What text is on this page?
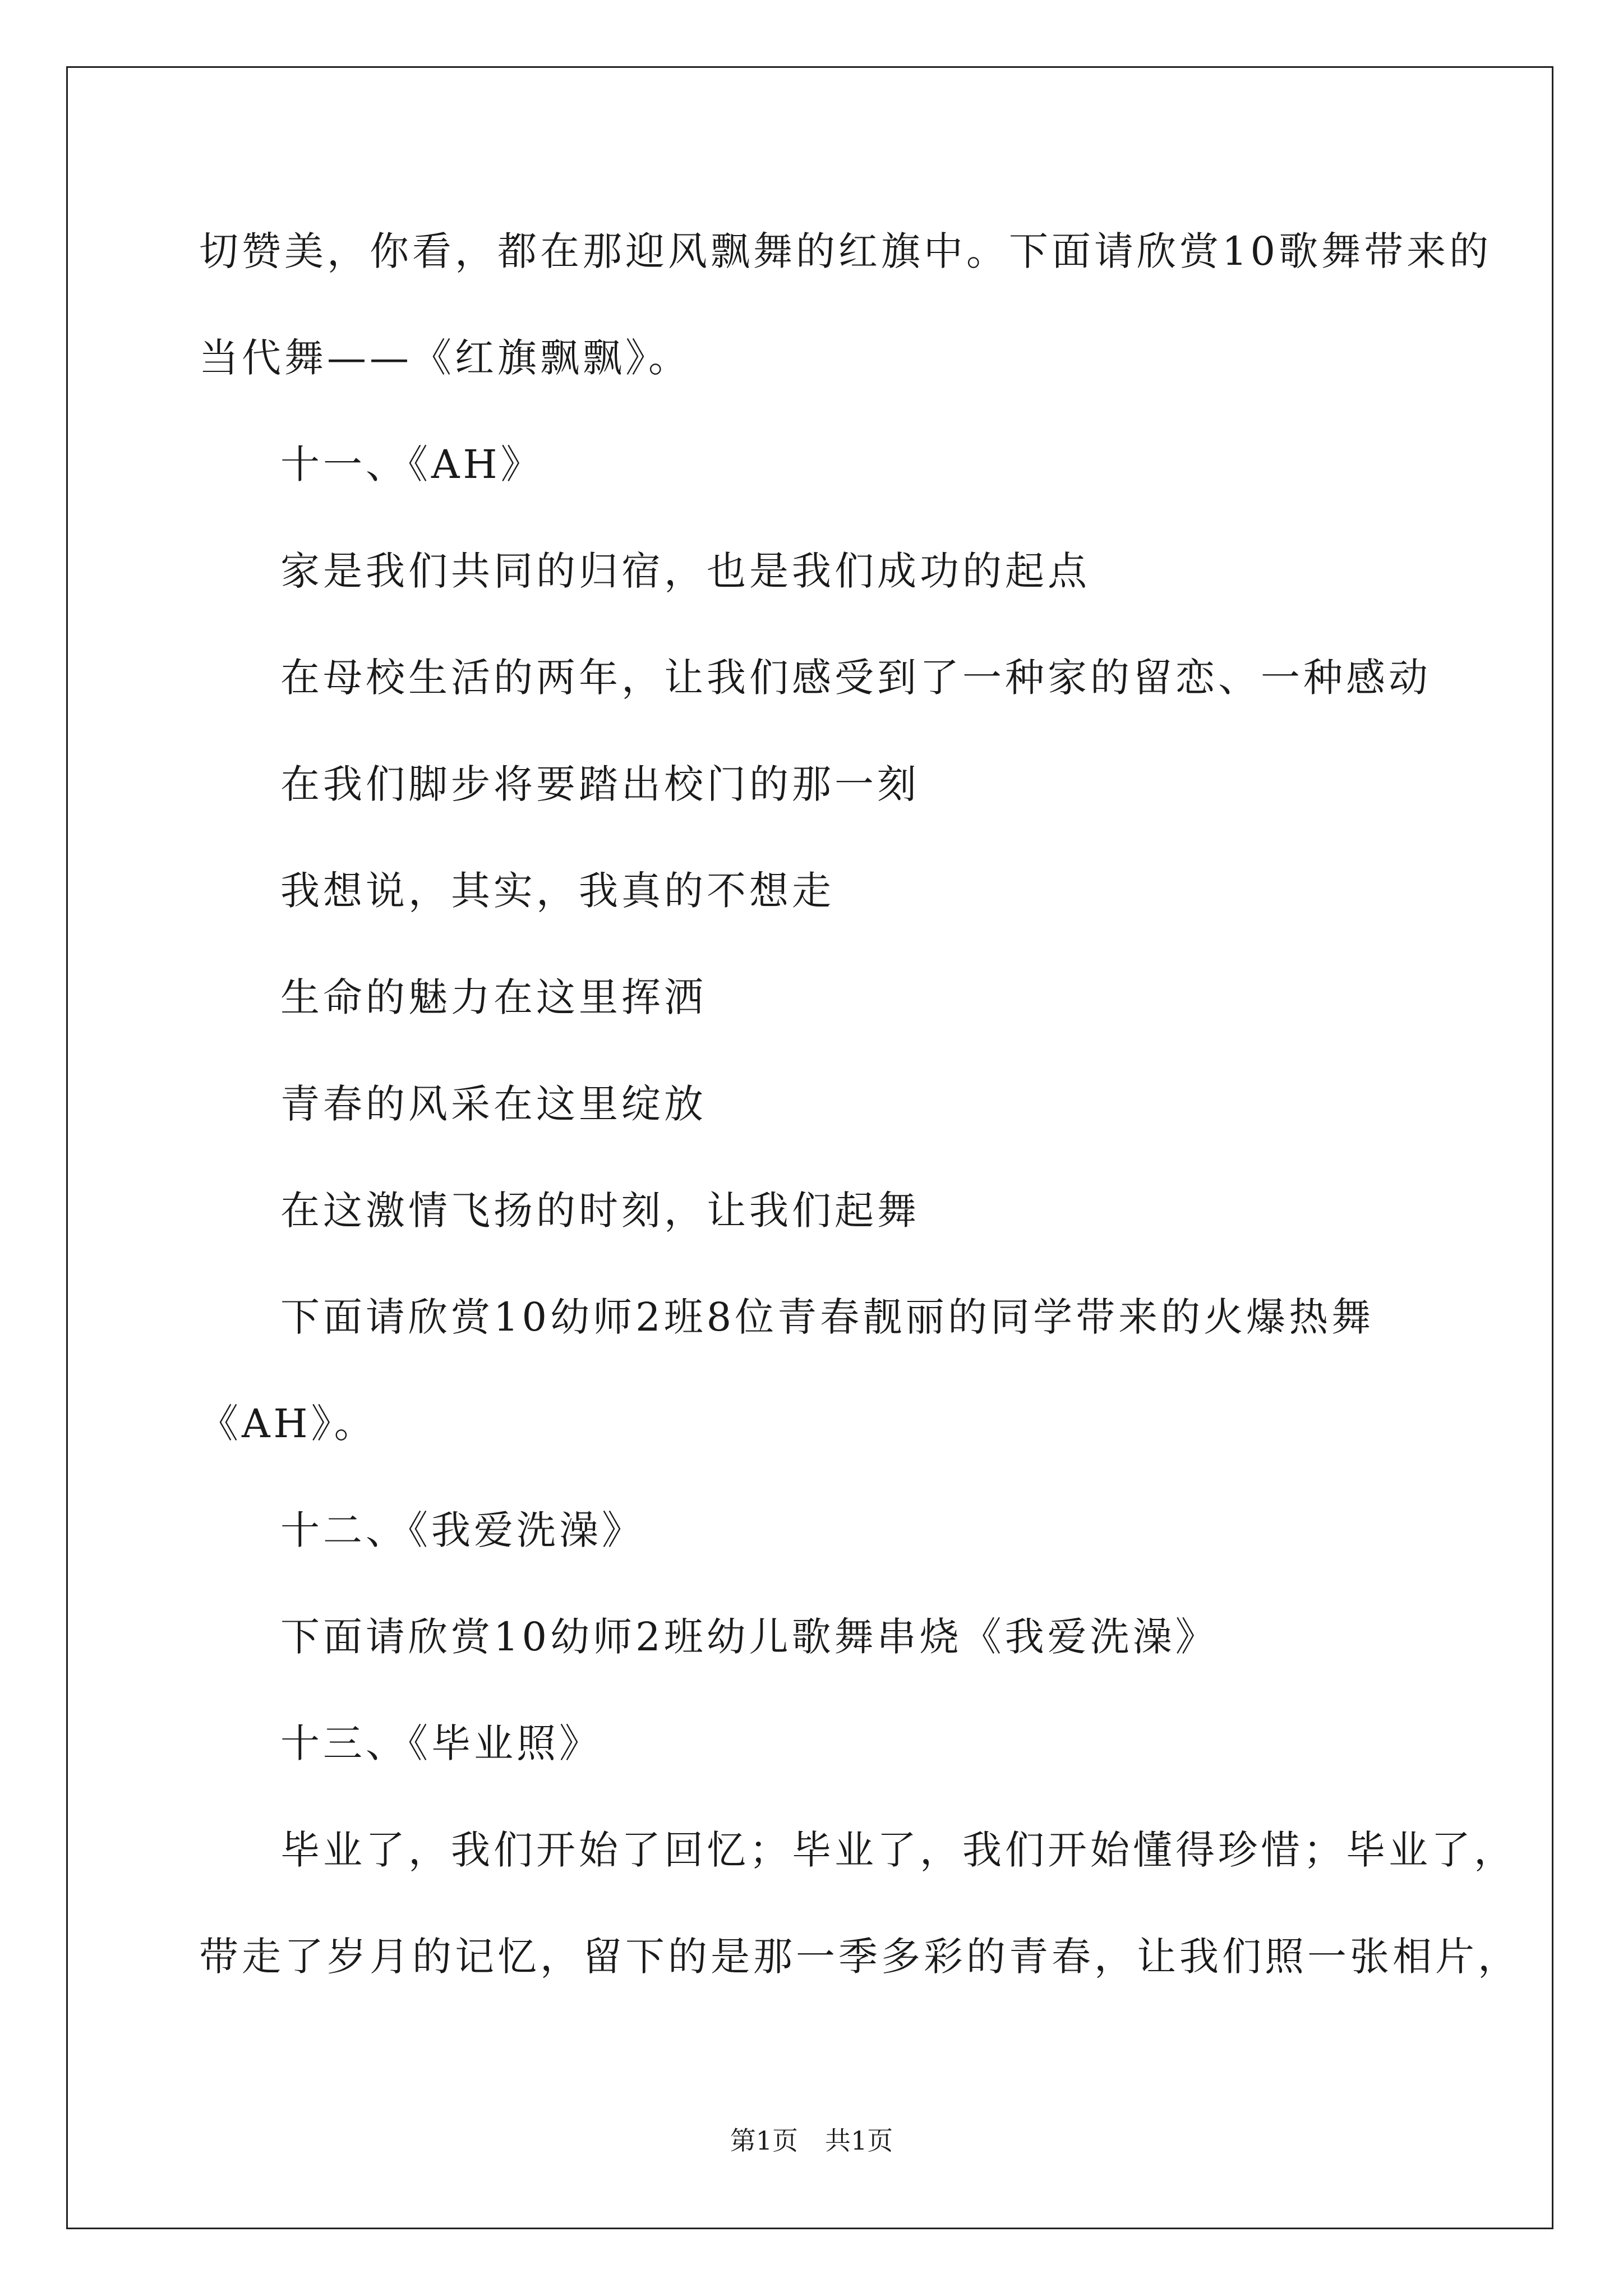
切赞美，你看，都在那迎风飘舞的红旗中。下面请欣赏10歌舞带来的
当代舞——《红旗飘飘》。
十一、《AH》
家是我们共同的归宿，也是我们成功的起点
在母校生活的两年，让我们感受到了一种家的留恋、一种感动
在我们脚步将要踏出校门的那一刻
我想说，其实，我真的不想走
生命的魅力在这里挥洒
青春的风采在这里绽放
在这激情飞扬的时刻，让我们起舞
下面请欣赏10幼师2班8位青春靓丽的同学带来的火爆热舞
《AH》。
十二、《我爱洗澡》
下面请欣赏10幼师2班幼儿歌舞串烧《我爱洗澡》
十三、《毕业照》
毕业了，我们开始了回忆；毕业了，我们开始懂得珍惜；毕业了，
带走了岁月的记忆，留下的是那一季多彩的青春，让我们照一张相片，
第1页 共1页
